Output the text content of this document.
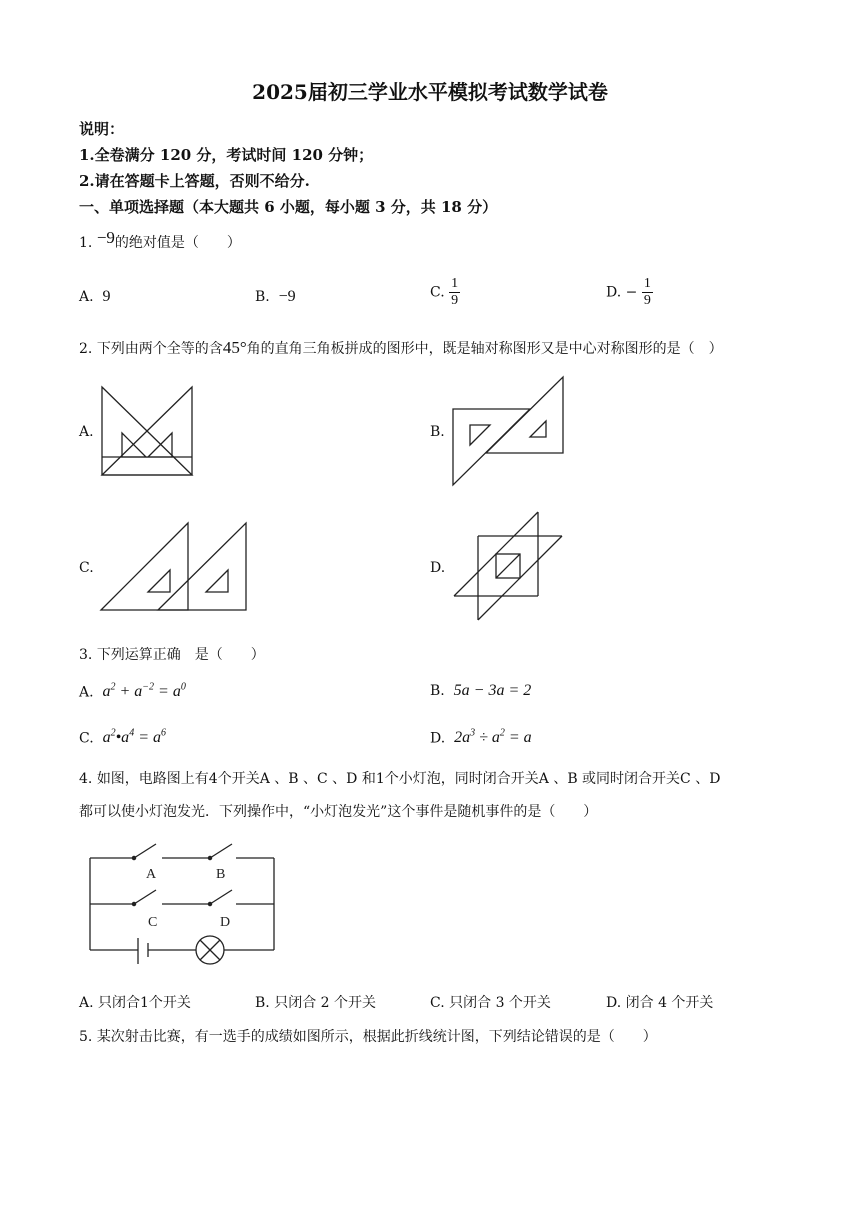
2025届初三学业水平模拟考试数学试卷
说明：
1.全卷满分 120 分，考试时间 120 分钟；
2.请在答题卡上答题，否则不给分.
一、单项选择题（本大题共 6 小题，每小题 3 分，共 18 分）
1. −9的绝对值是（　　）
A. 9	B. −9	C. $\frac{1}{9}$	D. − $\frac{1}{9}$
2. 下列由两个全等的含45°角的直角三角板拼成的图形中，既是轴对称图形又是中心对称图形的是（　）
A.	B.
C.	D.
3. 下列运算正确　是（　　）
A. $a^2 + a^{-2} = a^0$	B. 5a − 3a = 2
C. $a^2•a^4 = a^6$	D. $2a^3 \div a^2 = a$
4. 如图，电路图上有4个开关A 、B 、C 、D 和1个小灯泡，同时闭合开关A 、B 或同时闭合开关C 、D
都可以使小灯泡发光．下列操作中，“小灯泡发光”这个事件是随机事件的是（　　）
A	B
C	D
A. 只闭合1个开关	B. 只闭合 2 个开关	C. 只闭合 3 个开关	D. 闭合 4 个开关
5. 某次射击比赛，有一选手的成绩如图所示，根据此折线统计图，下列结论错误的是（　　）
